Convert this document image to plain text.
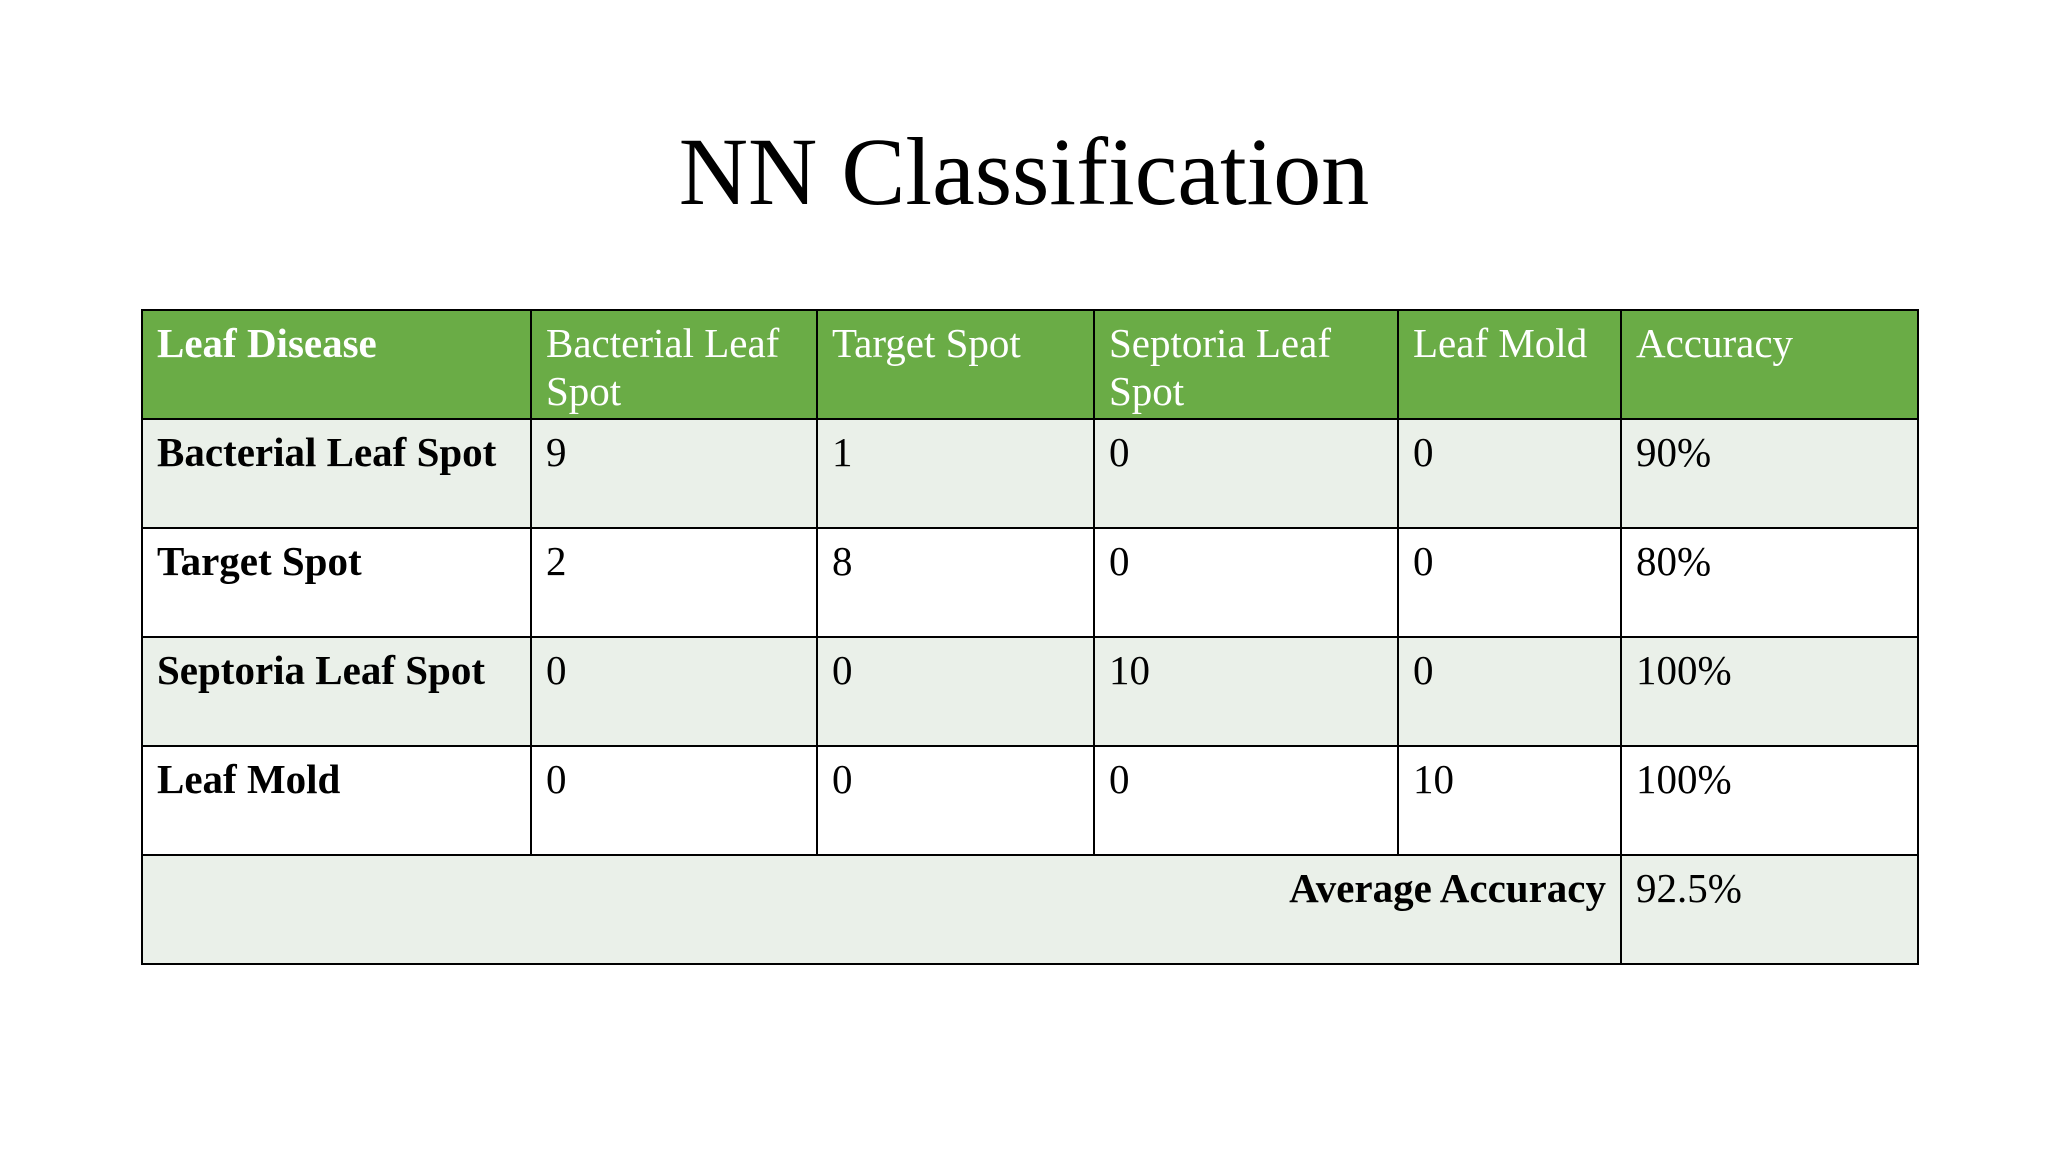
NN Classification
Leaf Disease	Bacterial Leaf Spot	Target Spot	Septoria Leaf Spot	Leaf Mold	Accuracy
Bacterial Leaf Spot	9	1	0	0	90%
Target Spot	2	8	0	0	80%
Septoria Leaf Spot	0	0	10	0	100%
Leaf Mold	0	0	0	10	100%
Average Accuracy					92.5%
